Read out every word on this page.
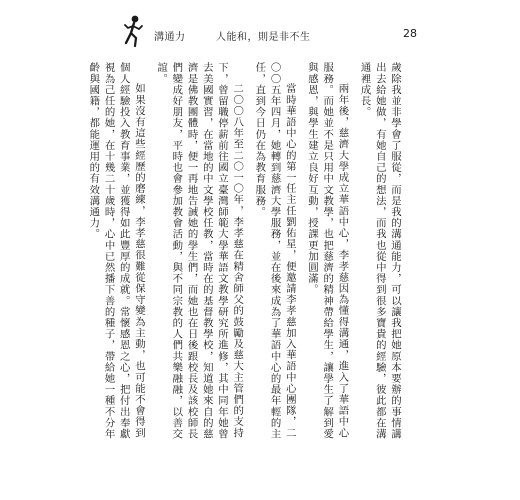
溝通力	人能和，則是非不生	28

歲除我並非學會了服從，而是我的溝通能力，可以讓我把她原本要辦的事情講出去給她做，有她自己的想法，而我也從中得到很多寶貴的經驗，彼此都在溝通裡成長。

兩年後，慈濟大學成立華語中心，李孝慈因為懂得溝通，進入了華語中心服務。而她並不是只用中文教學，也把慈濟的精神帶給學生，讓學生了解到愛與感恩，與學生建立良好互動，授課更加圓滿。

當時華語中心的第一任主任劉佑星，便邀請李孝慈加入華語中心團隊，二〇〇五年四月，她轉到慈濟大學服務，並在後來成為了華語中心的最年輕的主任，直到今日仍在為教育服務。

二〇〇八年至二〇一〇年，李孝慈在精舍師父的鼓勵及慈大主管們的支持下，曾留職停薪前往國立臺灣師範大學華語文教學研究所進修，其中同年她曾去美國實習，在當地的中文學校任教，當時在的基督教學校，知道她來自的慈濟是佛教團體時，便一再地告誡她的學生們，而她也在日後跟校長及該校師長們變成好朋友，平時也會參加教會活動，與不同宗教的人們共樂融融，以善交誼。

如果沒有這些經歷的磨練，李孝慈很難從保守變為主動，也可能不會得到個人經驗投入教育事業，並獲得如此豐厚的成就。常懷感恩之心，把付出奉獻視為己任的她，在十幾二十歲時，心中已然播下善的種子，帶給她一種不分年齡與國籍，都能運用的有效溝通力。
